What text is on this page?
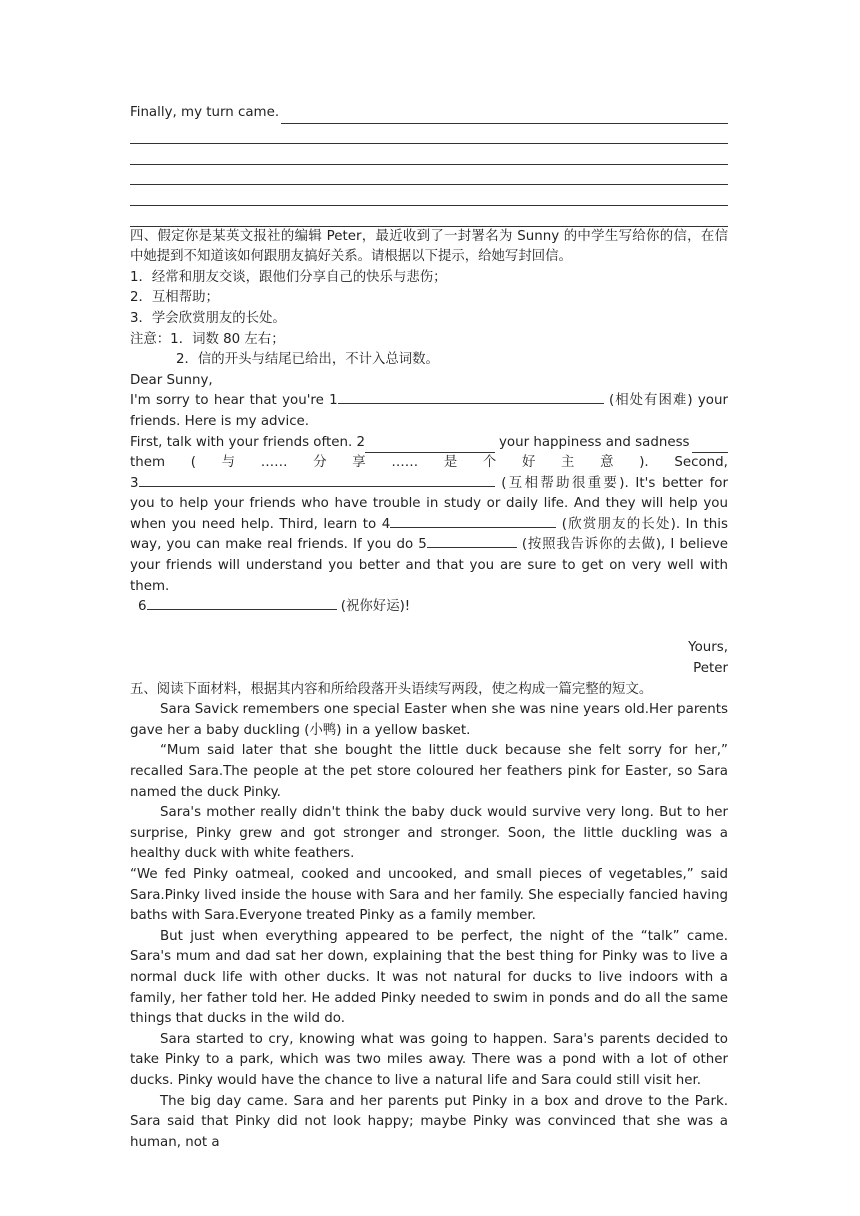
Finally, my turn came.

四、假定你是某英文报社的编辑 Peter，最近收到了一封署名为 Sunny 的中学生写给你的信，在信中她提到不知道该如何跟朋友搞好关系。请根据以下提示，给她写封回信。

1．经常和朋友交谈，跟他们分享自己的快乐与悲伤；

2．互相帮助；

3．学会欣赏朋友的长处。

注意：1．词数 80 左右；

2．信的开头与结尾已给出，不计入总词数。

Dear Sunny,

I'm sorry to hear that you're 1	(相处有困难) your friends. Here is my advice.

First, talk with your friends often. 2	your happiness and sadness
them ( 与 …… 分 享 …… 是 个 好 主 意 ). Second,

3	(互相帮助很重要). It's better for you to help your friends who have trouble in study or daily life. And they will help you when you need help. Third, learn to 4	(欣赏朋友的长处). In this way, you can make real friends. If you do 5	(按照我告诉你的去做), I believe your friends will understand you better and that you are sure to get on very well with them.

6	(祝你好运)!

Yours,

Peter

五、阅读下面材料，根据其内容和所给段落开头语续写两段，使之构成一篇完整的短文。

Sara Savick remembers one special Easter when she was nine years old.Her parents gave her a baby duckling (小鸭) in a yellow basket.

“Mum said later that she bought the little duck because she felt sorry for her,” recalled Sara.The people at the pet store coloured her feathers pink for Easter, so Sara named the duck Pinky.

Sara's mother really didn't think the baby duck would survive very long. But to her surprise, Pinky grew and got stronger and stronger. Soon, the little duckling was a healthy duck with white feathers.

“We fed Pinky oatmeal, cooked and uncooked, and small pieces of vegetables,” said Sara.Pinky lived inside the house with Sara and her family. She especially fancied having baths with Sara.Everyone treated Pinky as a family member.

But just when everything appeared to be perfect, the night of the “talk” came. Sara's mum and dad sat her down, explaining that the best thing for Pinky was to live a normal duck life with other ducks. It was not natural for ducks to live indoors with a family, her father told her. He added Pinky needed to swim in ponds and do all the same things that ducks in the wild do.

Sara started to cry, knowing what was going to happen. Sara's parents decided to take Pinky to a park, which was two miles away. There was a pond with a lot of other ducks. Pinky would have the chance to live a natural life and Sara could still visit her.

The big day came. Sara and her parents put Pinky in a box and drove to the Park. Sara said that Pinky did not look happy; maybe Pinky was convinced that she was a human, not a
